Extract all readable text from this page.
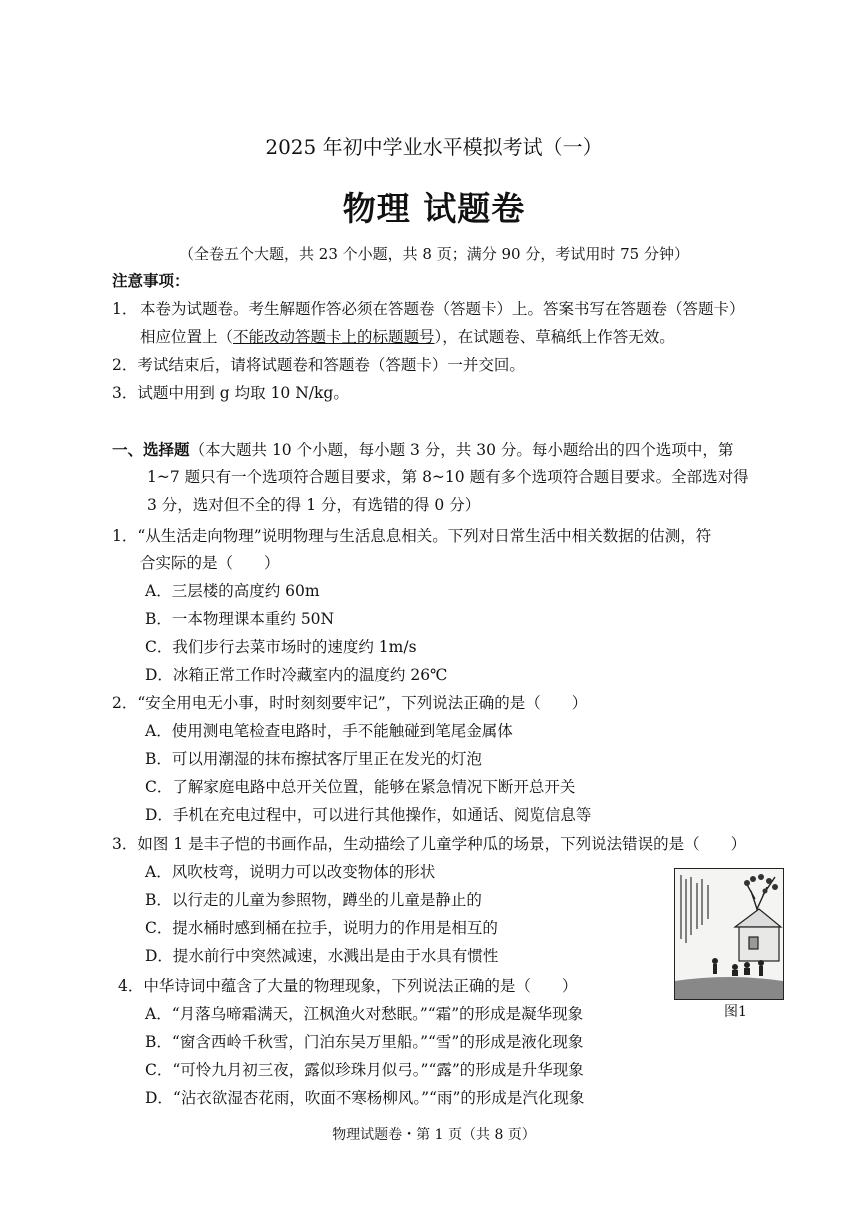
2025 年初中学业水平模拟考试（一）
物理 试题卷
（全卷五个大题，共 23 个小题，共 8 页；满分 90 分，考试用时 75 分钟）
注意事项：
1． 本卷为试题卷。考生解题作答必须在答题卷（答题卡）上。答案书写在答题卷（答题卡）
相应位置上（不能改动答题卡上的标题题号），在试题卷、草稿纸上作答无效。
2．考试结束后，请将试题卷和答题卷（答题卡）一并交回。
3．试题中用到 g 均取 10 N/kg。
一、选择题（本大题共 10 个小题，每小题 3 分，共 30 分。每小题给出的四个选项中，第
1~7 题只有一个选项符合题目要求，第 8~10 题有多个选项符合题目要求。全部选对得
3 分，选对但不全的得 1 分，有选错的得 0 分）
1．“从生活走向物理”说明物理与生活息息相关。下列对日常生活中相关数据的估测，符
合实际的是（　　）
A．三层楼的高度约 60m
B．一本物理课本重约 50N
C．我们步行去菜市场时的速度约 1m/s
D．冰箱正常工作时冷藏室内的温度约 26℃
2．“安全用电无小事，时时刻刻要牢记”，下列说法正确的是（　　）
A．使用测电笔检查电路时，手不能触碰到笔尾金属体
B．可以用潮湿的抹布擦拭客厅里正在发光的灯泡
C．了解家庭电路中总开关位置，能够在紧急情况下断开总开关
D．手机在充电过程中，可以进行其他操作，如通话、阅览信息等
3．如图 1 是丰子恺的书画作品，生动描绘了儿童学种瓜的场景，下列说法错误的是（　　）
A．风吹枝弯，说明力可以改变物体的形状
B．以行走的儿童为参照物，蹲坐的儿童是静止的
C．提水桶时感到桶在拉手，说明力的作用是相互的
D．提水前行中突然减速，水溅出是由于水具有惯性
图1
4．中华诗词中蕴含了大量的物理现象，下列说法正确的是（　　）
A．“月落乌啼霜满天，江枫渔火对愁眠。”“霜”的形成是凝华现象
B．“窗含西岭千秋雪，门泊东吴万里船。”“雪”的形成是液化现象
C．“可怜九月初三夜，露似珍珠月似弓。”“露”的形成是升华现象
D．“沾衣欲湿杏花雨，吹面不寒杨柳风。”“雨”的形成是汽化现象
物理试题卷・第 1 页（共 8 页）
